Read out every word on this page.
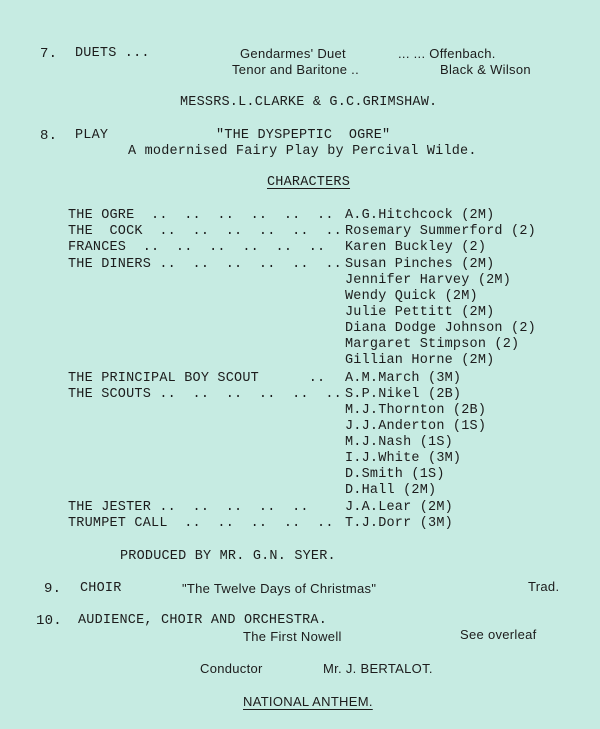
7. DUETS ...	Gendarmes' Duet	... ... Offenbach.
Tenor and Baritone ..	Black & Wilson
MESSRS.L.CLARKE & G.C.GRIMSHAW.
8. PLAY	"THE DYSPEPTIC  OGRE"
A modernised Fairy Play by Percival Wilde.
CHARACTERS
THE OGRE  ..  ..  ..  ..  ..  .. A.G.Hitchcock (2M)
THE  COCK  ..  ..  ..  ..  ..  .. Rosemary Summerford (2)
FRANCES  ..  ..  ..  ..  ..  .. Karen Buckley (2)
THE DINERS ..  ..  ..  ..  ..  .. Susan Pinches (2M)
Jennifer Harvey (2M)
Wendy Quick (2M)
Julie Pettitt (2M)
Diana Dodge Johnson (2)
Margaret Stimpson (2)
Gillian Horne (2M)
THE PRINCIPAL BOY SCOUT      .. A.M.March (3M)
THE SCOUTS ..  ..  ..  ..  ..  .. S.P.Nikel (2B)
M.J.Thornton (2B)
J.J.Anderton (1S)
M.J.Nash (1S)
I.J.White (3M)
D.Smith (1S)
D.Hall (2M)
THE JESTER ..  ..  ..  ..  ..	J.A.Lear (2M)
TRUMPET CALL  ..  ..  ..  ..  .. T.J.Dorr (3M)
PRODUCED BY MR. G.N. SYER.
9. CHOIR	"The Twelve Days of Christmas"	Trad.
10. AUDIENCE, CHOIR AND ORCHESTRA.
The First Nowell	See overleaf
Conductor	Mr. J. BERTALOT.
NATIONAL ANTHEM.
